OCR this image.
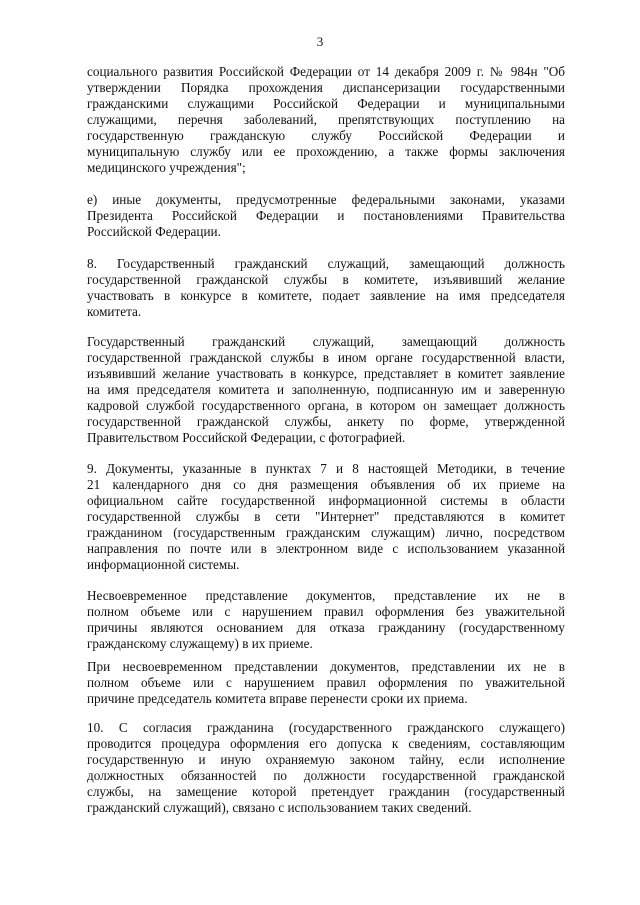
3

социального развития Российской Федерации от 14 декабря 2009 г. № 984н "Об
утверждении Порядка прохождения диспансеризации государственными
гражданскими служащими Российской Федерации и муниципальными
служащими, перечня заболеваний, препятствующих поступлению на
государственную гражданскую службу Российской Федерации и
муниципальную службу или ее прохождению, а также формы заключения
медицинского учреждения";

е) иные документы, предусмотренные федеральными законами, указами
Президента Российской Федерации и постановлениями Правительства
Российской Федерации.

8. Государственный гражданский служащий, замещающий должность
государственной гражданской службы в комитете, изъявивший желание
участвовать в конкурсе в комитете, подает заявление на имя председателя
комитета.

Государственный гражданский служащий, замещающий должность
государственной гражданской службы в ином органе государственной власти,
изъявивший желание участвовать в конкурсе, представляет в комитет заявление
на имя председателя комитета и заполненную, подписанную им и заверенную
кадровой службой государственного органа, в котором он замещает должность
государственной гражданской службы, анкету по форме, утвержденной
Правительством Российской Федерации, с фотографией.

9. Документы, указанные в пунктах 7 и 8 настоящей Методики, в течение
21 календарного дня со дня размещения объявления об их приеме на
официальном сайте государственной информационной системы в области
государственной службы в сети "Интернет" представляются в комитет
гражданином (государственным гражданским служащим) лично, посредством
направления по почте или в электронном виде с использованием указанной
информационной системы.

Несвоевременное представление документов, представление их не в
полном объеме или с нарушением правил оформления без уважительной
причины являются основанием для отказа гражданину (государственному
гражданскому служащему) в их приеме.

При несвоевременном представлении документов, представлении их не в
полном объеме или с нарушением правил оформления по уважительной
причине председатель комитета вправе перенести сроки их приема.

10. С согласия гражданина (государственного гражданского служащего)
проводится процедура оформления его допуска к сведениям, составляющим
государственную и иную охраняемую законом тайну, если исполнение
должностных обязанностей по должности государственной гражданской
службы, на замещение которой претендует гражданин (государственный
гражданский служащий), связано с использованием таких сведений.
